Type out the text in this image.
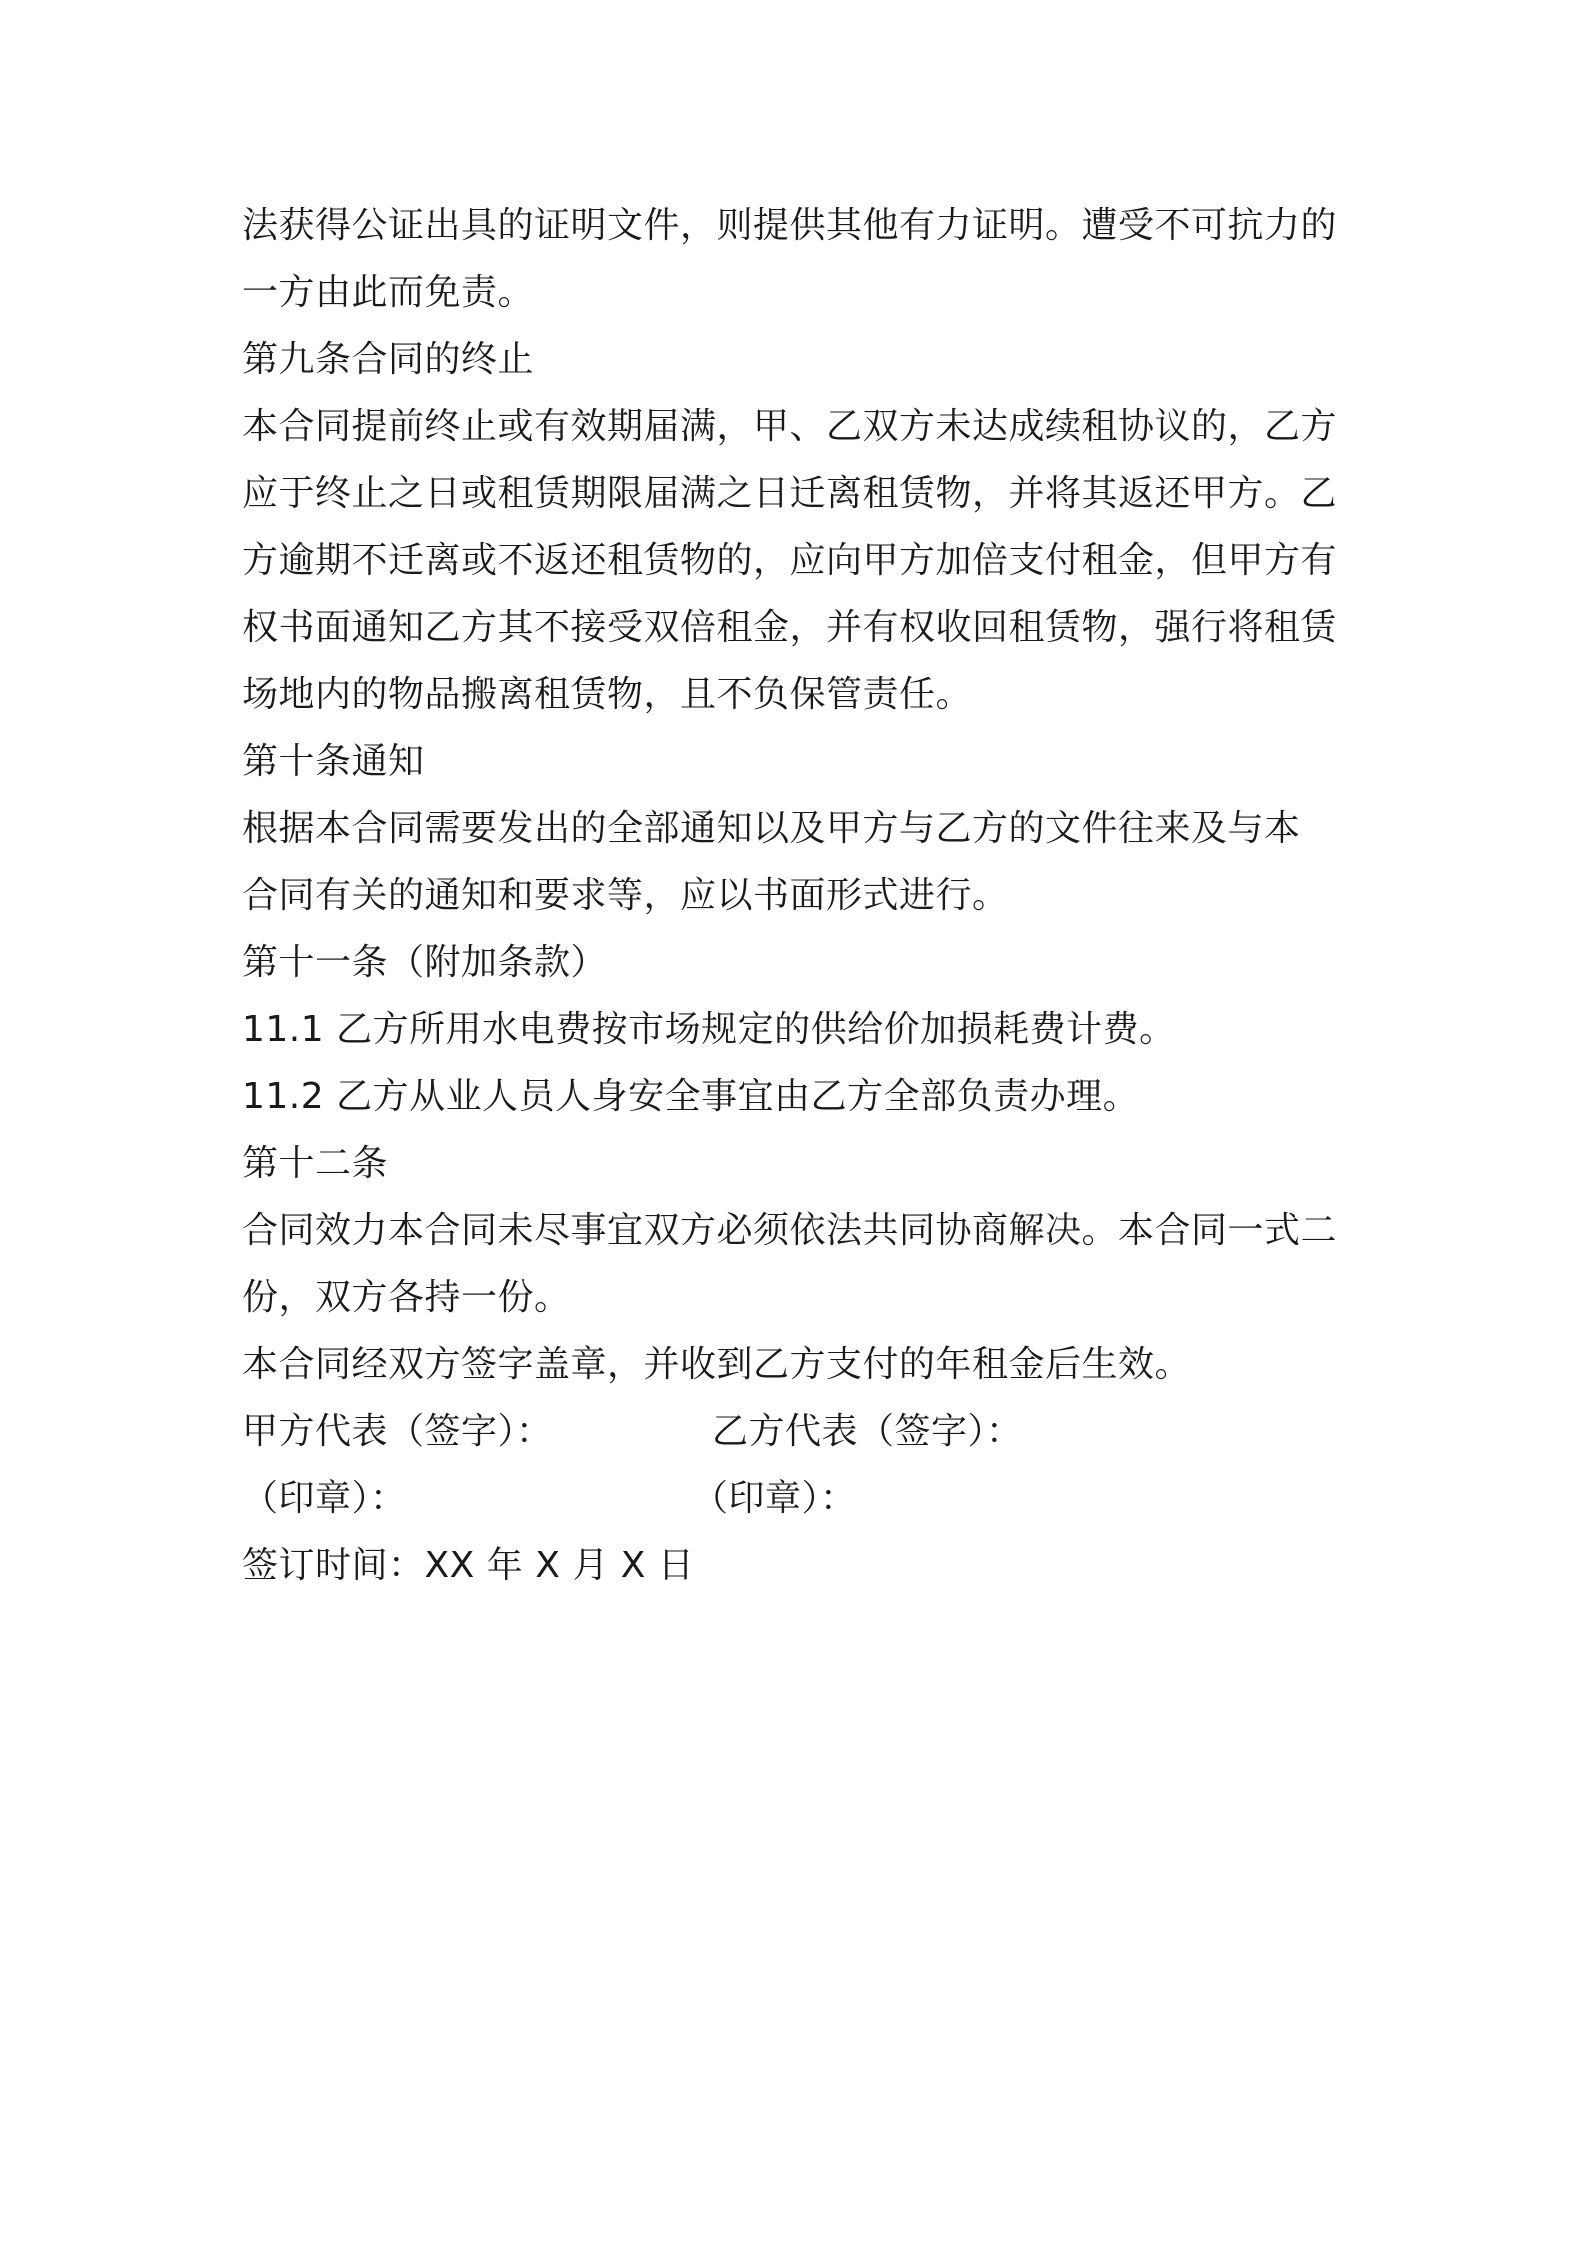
法获得公证出具的证明文件，则提供其他有力证明。遭受不可抗力的
一方由此而免责。
第九条合同的终止
本合同提前终止或有效期届满，甲、乙双方未达成续租协议的，乙方
应于终止之日或租赁期限届满之日迁离租赁物，并将其返还甲方。乙
方逾期不迁离或不返还租赁物的，应向甲方加倍支付租金，但甲方有
权书面通知乙方其不接受双倍租金，并有权收回租赁物，强行将租赁
场地内的物品搬离租赁物，且不负保管责任。
第十条通知
根据本合同需要发出的全部通知以及甲方与乙方的文件往来及与本
合同有关的通知和要求等，应以书面形式进行。
第十一条（附加条款）
11.1 乙方所用水电费按市场规定的供给价加损耗费计费。
11.2 乙方从业人员人身安全事宜由乙方全部负责办理。
第十二条
合同效力本合同未尽事宜双方必须依法共同协商解决。本合同一式二
份，双方各持一份。
本合同经双方签字盖章，并收到乙方支付的年租金后生效。
甲方代表（签字）：	乙方代表（签字）：
（印章）：	（印章）：
签订时间：XX 年 X 月 X 日
